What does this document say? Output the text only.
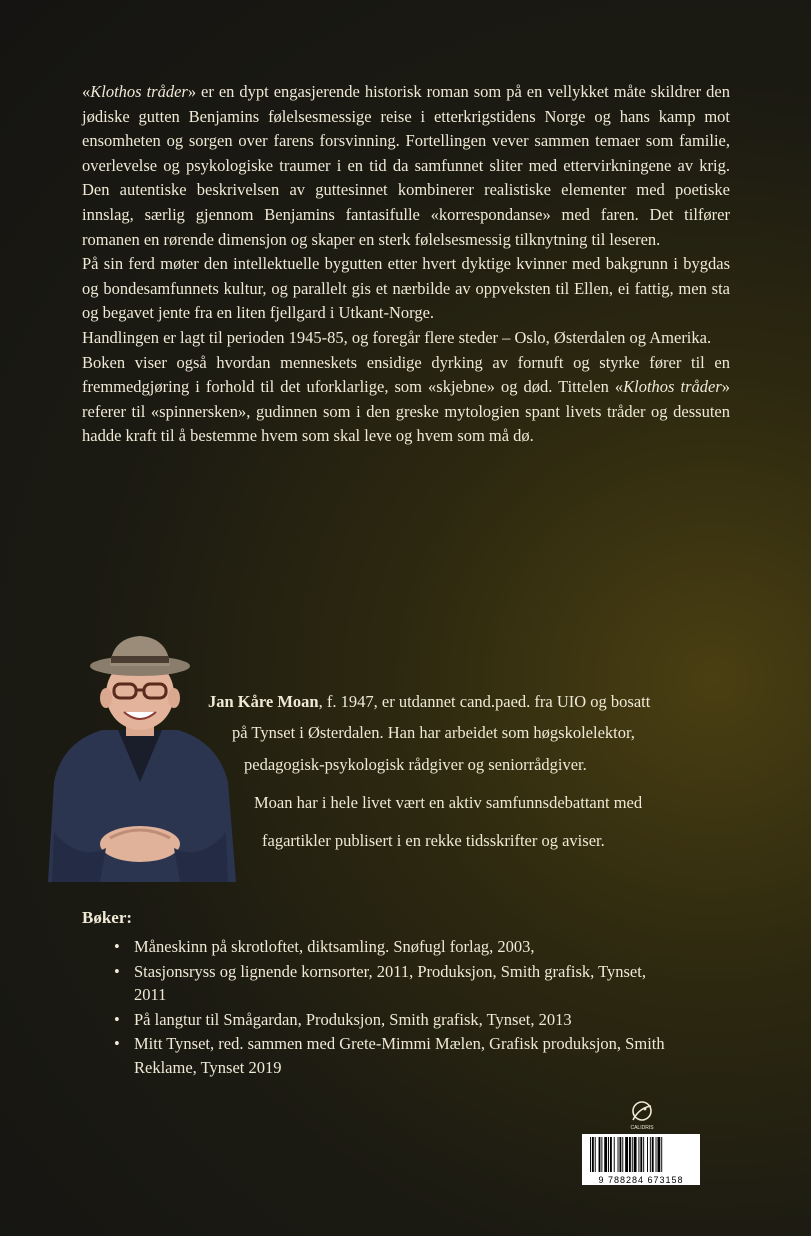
«Klothos tråder» er en dypt engasjerende historisk roman som på en vellykket måte skildrer den jødiske gutten Benjamins følelsesmessige reise i etterkrigstidens Norge og hans kamp mot ensomheten og sorgen over farens forsvinning. Fortellingen vever sammen temaer som familie, overlevelse og psykologiske traumer i en tid da samfunnet sliter med ettervirkningene av krig. Den autentiske beskrivelsen av guttesinnet kombinerer realistiske elementer med poetiske innslag, særlig gjennom Benjamins fantasifulle «korrespondanse» med faren. Det tilfører romanen en rørende dimensjon og skaper en sterk følelsesmessig tilknytning til leseren.

På sin ferd møter den intellektuelle bygutten etter hvert dyktige kvinner med bakgrunn i bygdas og bondesamfunnets kultur, og parallelt gis et nærbilde av oppveksten til Ellen, ei fattig, men sta og begavet jente fra en liten fjellgard i Utkant-Norge.

Handlingen er lagt til perioden 1945-85, og foregår flere steder – Oslo, Østerdalen og Amerika.

Boken viser også hvordan menneskets ensidige dyrking av fornuft og styrke fører til en fremmedgjøring i forhold til det uforklarlige, som «skjebne» og død. Tittelen «Klothos tråder» referer til «spinnersken», gudinnen som i den greske mytologien spant livets tråder og dessuten hadde kraft til å bestemme hvem som skal leve og hvem som må dø.

Jan Kåre Moan, f. 1947, er utdannet cand.paed. fra UIO og bosatt

på Tynset i Østerdalen. Han har arbeidet som høgskolelektor,

pedagogisk-psykologisk rådgiver og seniorrådgiver.

Moan har i hele livet vært en aktiv samfunnsdebattant med

fagartikler publisert i en rekke tidsskrifter og aviser.

Bøker:
• Måneskinn på skrotloftet, diktsamling. Snøfugl forlag, 2003,
• Stasjonsryss og lignende kornsorter, 2011, Produksjon, Smith grafisk, Tynset, 2011
• På langtur til Smågardan, Produksjon, Smith grafisk, Tynset, 2013
• Mitt Tynset, red. sammen med Grete-Mimmi Mælen, Grafisk produksjon, Smith Reklame, Tynset 2019
CALIDRIS
9 788284 673158
